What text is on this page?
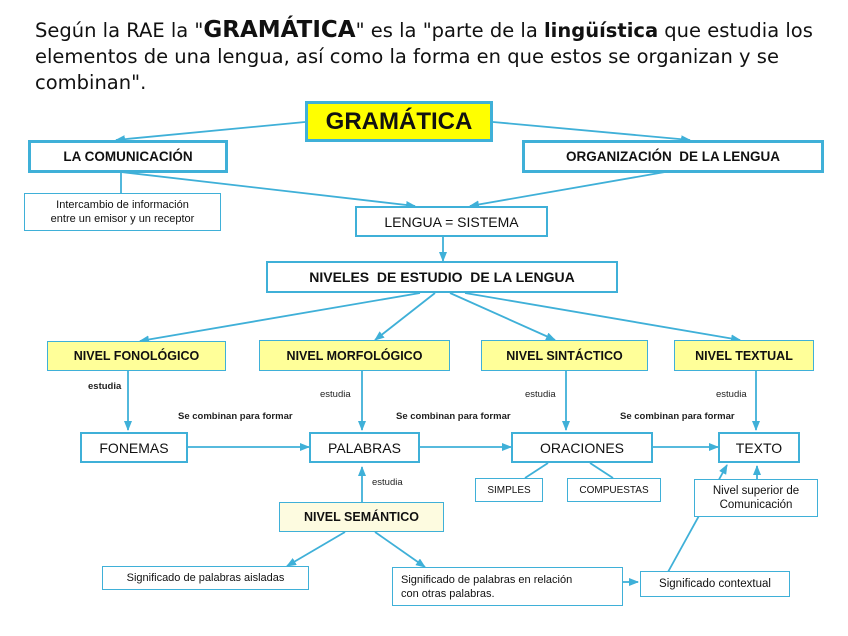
Según la RAE la "GRAMÁTICA" es la "parte de la lingüística que estudia los elementos de una lengua, así como la forma en que estos se organizan y se combinan".
GRAMÁTICA
LA COMUNICACIÓN	ORGANIZACIÓN  DE LA LENGUA
Intercambio de información
entre un emisor y un receptor	LENGUA = SISTEMA
NIVELES  DE ESTUDIO  DE LA LENGUA
NIVEL FONOLÓGICO	NIVEL MORFOLÓGICO	NIVEL SINTÁCTICO	NIVEL TEXTUAL
estudia
estudia	estudia	estudia
Se combinan para formar	Se combinan para formar	Se combinan para formar
FONEMAS	PALABRAS	ORACIONES	TEXTO
SIMPLES	COMPUESTAS	Nivel superior de
Comunicación
estudia
NIVEL SEMÁNTICO
Significado de palabras aisladas	Significado de palabras en relación
con otras palabras.
Significado contextual
